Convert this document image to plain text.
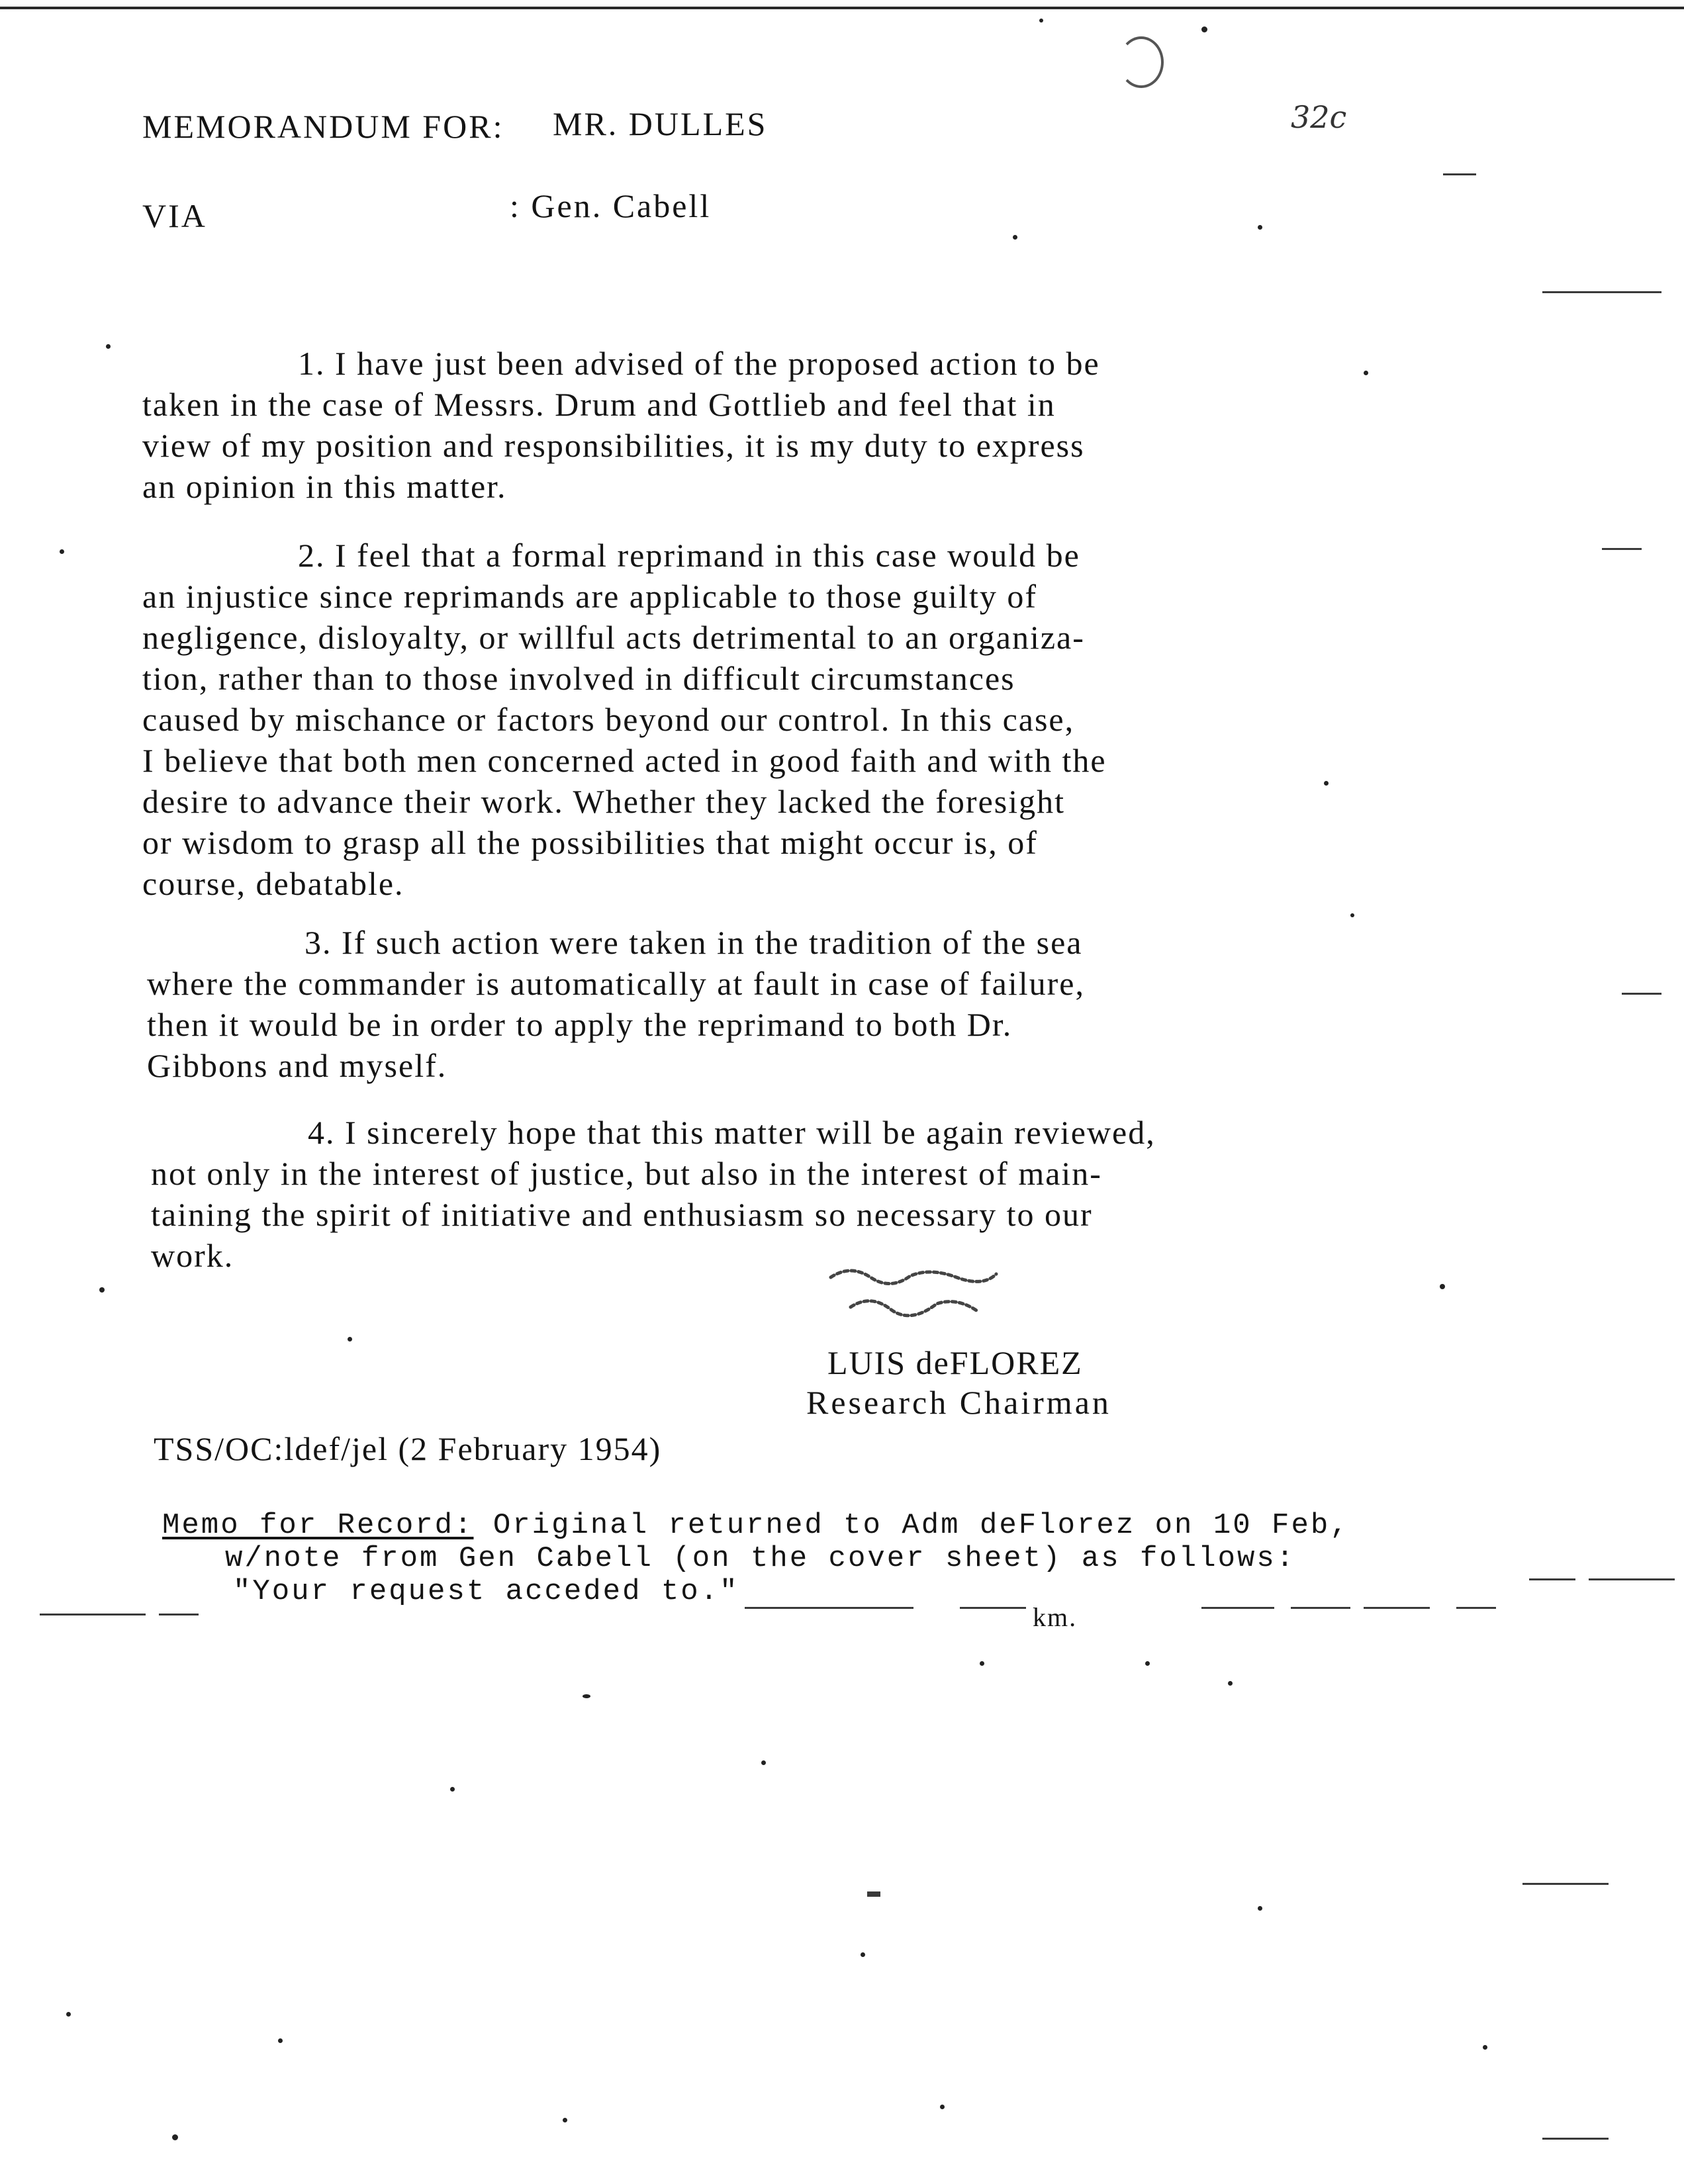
32c
MEMORANDUM FOR: MR. DULLES
VIA	: Gen. Cabell
1. I have just been advised of the proposed action to be
taken in the case of Messrs. Drum and Gottlieb and feel that in
view of my position and responsibilities, it is my duty to express
an opinion in this matter.
2. I feel that a formal reprimand in this case would be
an injustice since reprimands are applicable to those guilty of
negligence, disloyalty, or willful acts detrimental to an organiza-
tion, rather than to those involved in difficult circumstances
caused by mischance or factors beyond our control. In this case,
I believe that both men concerned acted in good faith and with the
desire to advance their work. Whether they lacked the foresight
or wisdom to grasp all the possibilities that might occur is, of
course, debatable.
3. If such action were taken in the tradition of the sea
where the commander is automatically at fault in case of failure,
then it would be in order to apply the reprimand to both Dr.
Gibbons and myself.
4. I sincerely hope that this matter will be again reviewed,
not only in the interest of justice, but also in the interest of main-
taining the spirit of initiative and enthusiasm so necessary to our
work.
LUIS deFLOREZ
Research Chairman
TSS/OC:ldef/jel (2 February 1954)
Memo for Record: Original returned to Adm deFlorez on 10 Feb,
w/note from Gen Cabell (on the cover sheet) as follows:
"Your request acceded to."
km.
